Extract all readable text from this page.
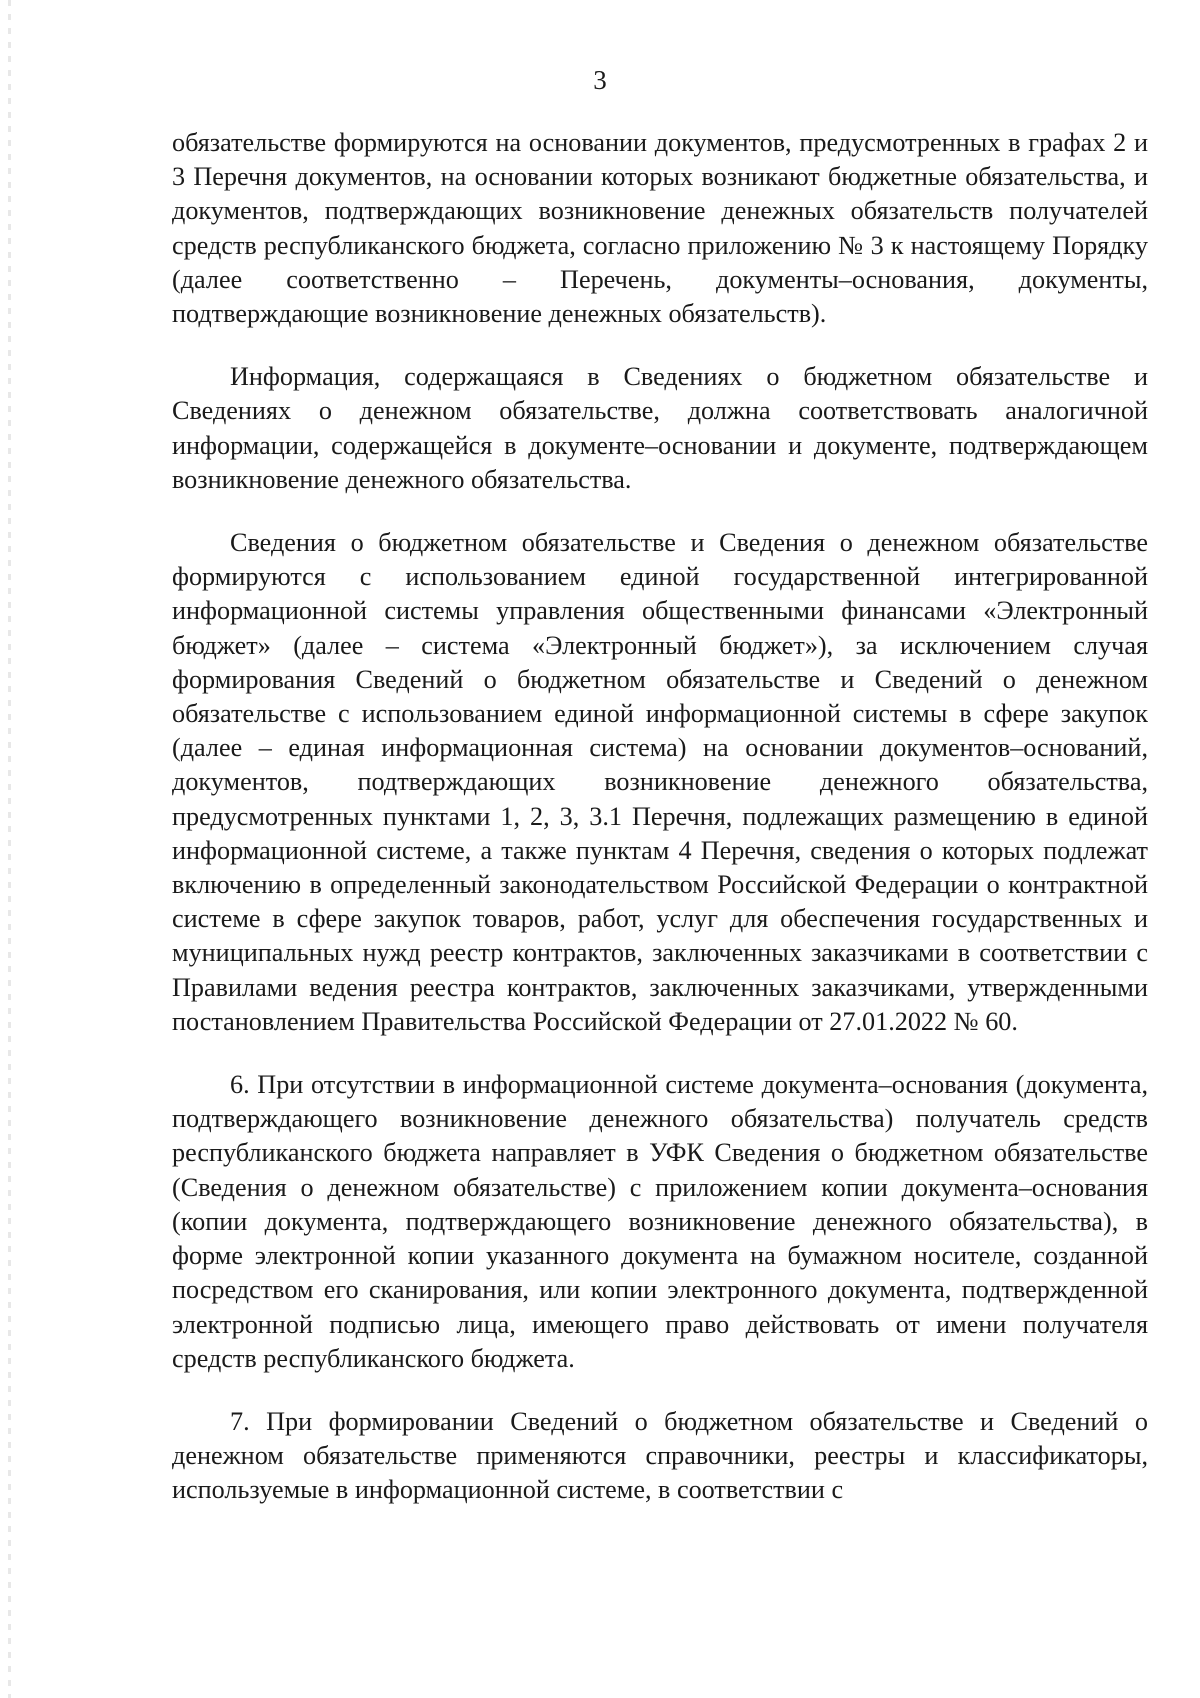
3

обязательстве формируются на основании документов, предусмотренных в графах 2 и 3 Перечня документов, на основании которых возникают бюджетные обязательства, и документов, подтверждающих возникновение денежных обязательств получателей средств республиканского бюджета, согласно приложению № 3 к настоящему Порядку (далее соответственно – Перечень, документы–основания, документы, подтверждающие возникновение денежных обязательств).

Информация, содержащаяся в Сведениях о бюджетном обязательстве и Сведениях о денежном обязательстве, должна соответствовать аналогичной информации, содержащейся в документе–основании и документе, подтверждающем возникновение денежного обязательства.

Сведения о бюджетном обязательстве и Сведения о денежном обязательстве формируются с использованием единой государственной интегрированной информационной системы управления общественными финансами «Электронный бюджет» (далее – система «Электронный бюджет»), за исключением случая формирования Сведений о бюджетном обязательстве и Сведений о денежном обязательстве с использованием единой информационной системы в сфере закупок (далее – единая информационная система) на основании документов–оснований, документов, подтверждающих возникновение денежного обязательства, предусмотренных пунктами 1, 2, 3, 3.1 Перечня, подлежащих размещению в единой информационной системе, а также пунктам 4 Перечня, сведения о которых подлежат включению в определенный законодательством Российской Федерации о контрактной системе в сфере закупок товаров, работ, услуг для обеспечения государственных и муниципальных нужд реестр контрактов, заключенных заказчиками в соответствии с Правилами ведения реестра контрактов, заключенных заказчиками, утвержденными постановлением Правительства Российской Федерации от 27.01.2022 № 60.

6. При отсутствии в информационной системе документа–основания (документа, подтверждающего возникновение денежного обязательства) получатель средств республиканского бюджета направляет в УФК Сведения о бюджетном обязательстве (Сведения о денежном обязательстве) с приложением копии документа–основания (копии документа, подтверждающего возникновение денежного обязательства), в форме электронной копии указанного документа на бумажном носителе, созданной посредством его сканирования, или копии электронного документа, подтвержденной электронной подписью лица, имеющего право действовать от имени получателя средств республиканского бюджета.

7. При формировании Сведений о бюджетном обязательстве и Сведений о денежном обязательстве применяются справочники, реестры и классификаторы, используемые в информационной системе, в соответствии с
